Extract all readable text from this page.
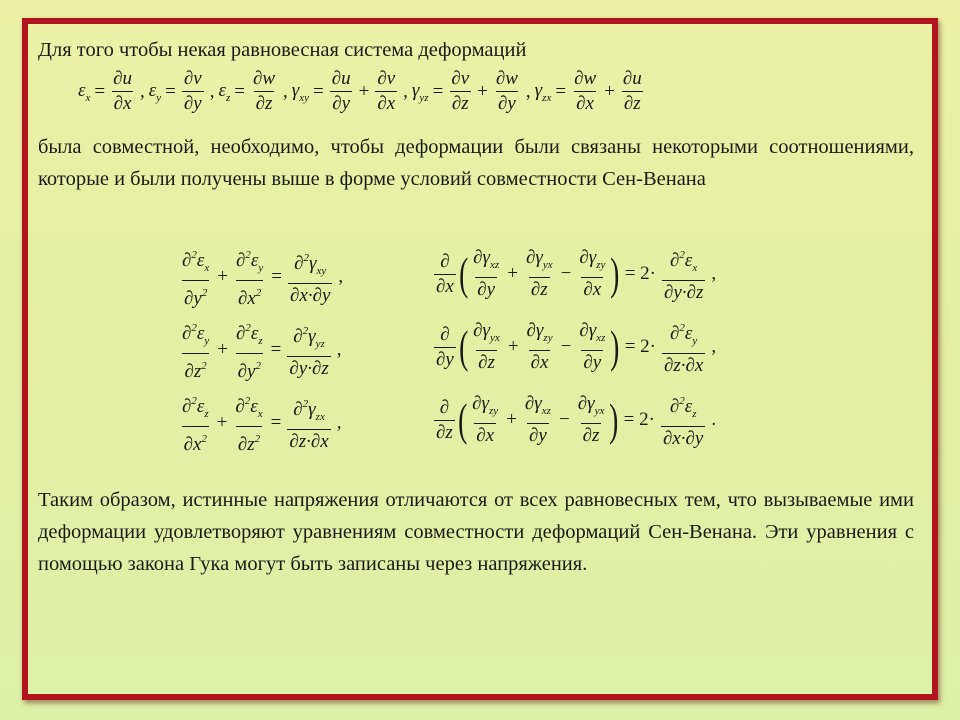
Для того чтобы некая равновесная система деформаций
$\varepsilon_x = \frac{\partial u}{\partial x}$ , $\varepsilon_y = \frac{\partial v}{\partial y}$ , $\varepsilon_z = \frac{\partial w}{\partial z}$ , $\gamma_{xy} = \frac{\partial u}{\partial y} + \frac{\partial v}{\partial x}$ , $\gamma_{yz} = \frac{\partial v}{\partial z} + \frac{\partial w}{\partial y}$ , $\gamma_{zx} = \frac{\partial w}{\partial x} + \frac{\partial u}{\partial z}$
была совместной, необходимо, чтобы деформации были связаны некоторыми соотношениями, которые и были получены выше в форме условий совместности Сен-Венана
$\frac{\partial^2\varepsilon_x}{\partial y^2} + \frac{\partial^2\varepsilon_y}{\partial x^2} = \frac{\partial^2\gamma_{xy}}{\partial x\cdot\partial y}$ ,
$\frac{\partial^2\varepsilon_y}{\partial z^2} + \frac{\partial^2\varepsilon_z}{\partial y^2} = \frac{\partial^2\gamma_{yz}}{\partial y\cdot\partial z}$ ,
$\frac{\partial^2\varepsilon_z}{\partial x^2} + \frac{\partial^2\varepsilon_x}{\partial z^2} = \frac{\partial^2\gamma_{zx}}{\partial z\cdot\partial x}$ ,
$\frac{\partial}{\partial x}$ ( $\frac{\partial\gamma_{xz}}{\partial y} + \frac{\partial\gamma_{yx}}{\partial z} - \frac{\partial\gamma_{zy}}{\partial x}$ ) = $2\cdot \frac{\partial^2\varepsilon_x}{\partial y\cdot\partial z}$ ,
$\frac{\partial}{\partial y}$ ( $\frac{\partial\gamma_{yx}}{\partial z} + \frac{\partial\gamma_{zy}}{\partial x} - \frac{\partial\gamma_{xz}}{\partial y}$ ) = $2\cdot \frac{\partial^2\varepsilon_y}{\partial z\cdot\partial x}$ ,
$\frac{\partial}{\partial z}$ ( $\frac{\partial\gamma_{zy}}{\partial x} + \frac{\partial\gamma_{xz}}{\partial y} - \frac{\partial\gamma_{yx}}{\partial z}$ ) = $2\cdot \frac{\partial^2\varepsilon_z}{\partial x\cdot\partial y}$ .
Таким образом, истинные напряжения отличаются от всех равновесных тем, что вызываемые ими деформации удовлетворяют уравнениям совместности деформаций Сен-Венана. Эти уравнения с помощью закона Гука могут быть записаны через напряжения.
